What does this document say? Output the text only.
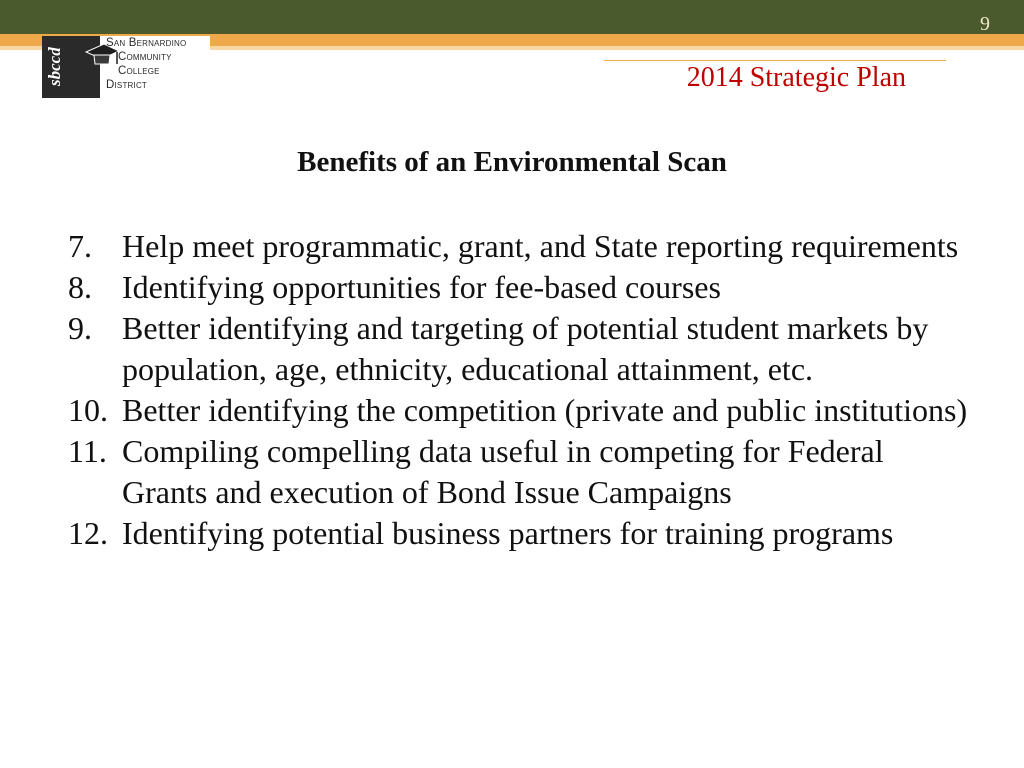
9
sbccd
San Bernardino
Community
College
District	2014 Strategic Plan
Benefits of an Environmental Scan
7. Help meet programmatic, grant, and State reporting requirements
8. Identifying opportunities for fee-based courses
9. Better identifying and targeting of potential student markets by population, age, ethnicity, educational attainment, etc.
10. Better identifying the competition (private and public institutions)
11. Compiling compelling data useful in competing for Federal Grants and execution of Bond Issue Campaigns
12. Identifying potential business partners for training programs
